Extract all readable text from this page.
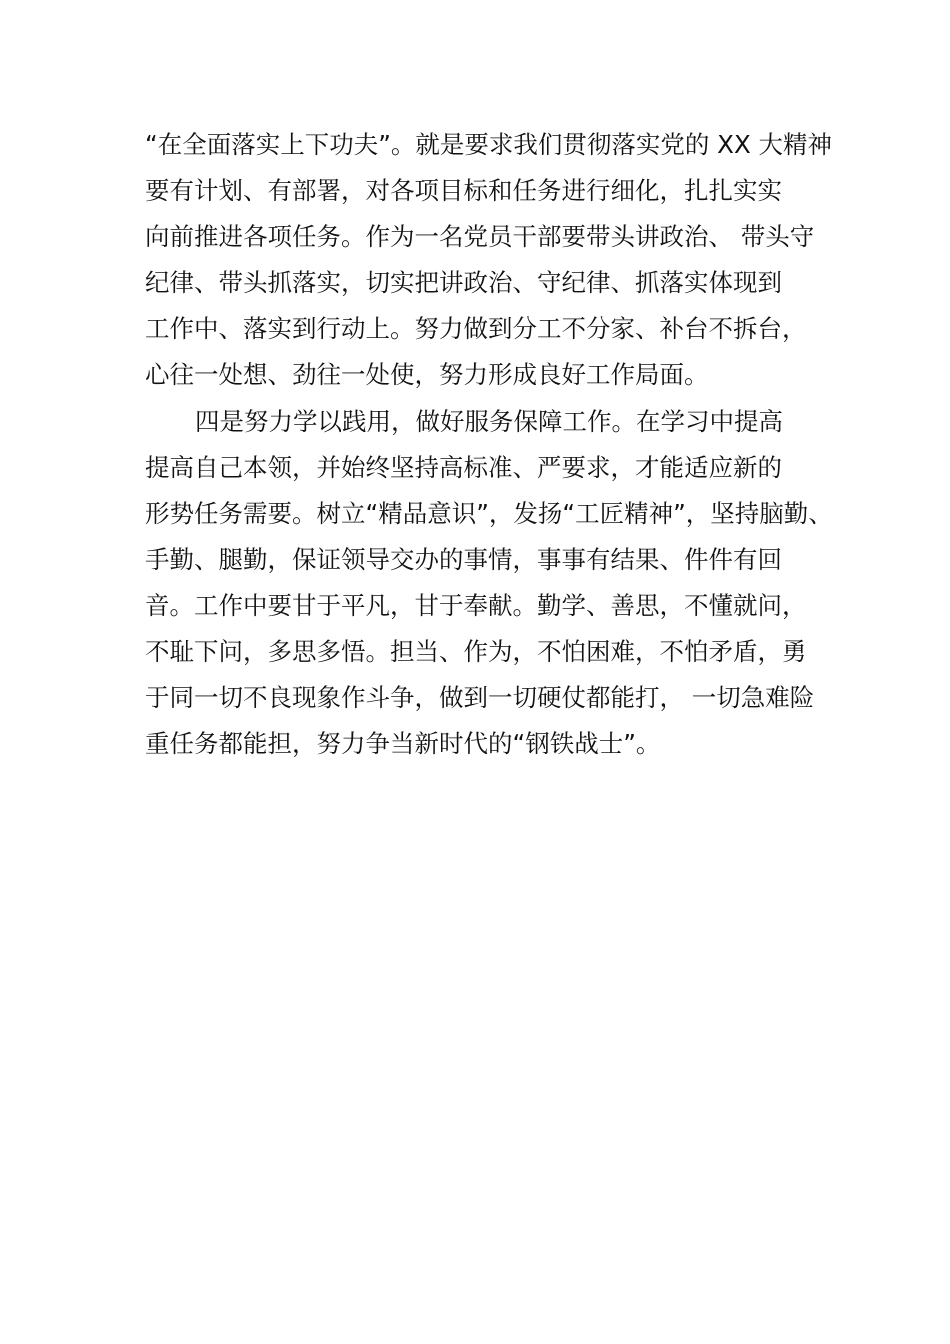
“在全面落实上下功夫”。就是要求我们贯彻落实党的 XX 大精神
要有计划、有部署，对各项目标和任务进行细化，扎扎实实
向前推进各项任务。作为一名党员干部要带头讲政治、 带头守
纪律、带头抓落实，切实把讲政治、守纪律、抓落实体现到
工作中、落实到行动上。努力做到分工不分家、补台不拆台，
心往一处想、劲往一处使，努力形成良好工作局面。
四是努力学以践用，做好服务保障工作。在学习中提高
提高自己本领，并始终坚持高标准、严要求，才能适应新的
形势任务需要。树立“精品意识”，发扬“工匠精神”，坚持脑勤、
手勤、腿勤，保证领导交办的事情，事事有结果、件件有回
音。工作中要甘于平凡，甘于奉献。勤学、善思，不懂就问，
不耻下问，多思多悟。担当、作为，不怕困难，不怕矛盾，勇
于同一切不良现象作斗争，做到一切硬仗都能打， 一切急难险
重任务都能担，努力争当新时代的“钢铁战士”。
